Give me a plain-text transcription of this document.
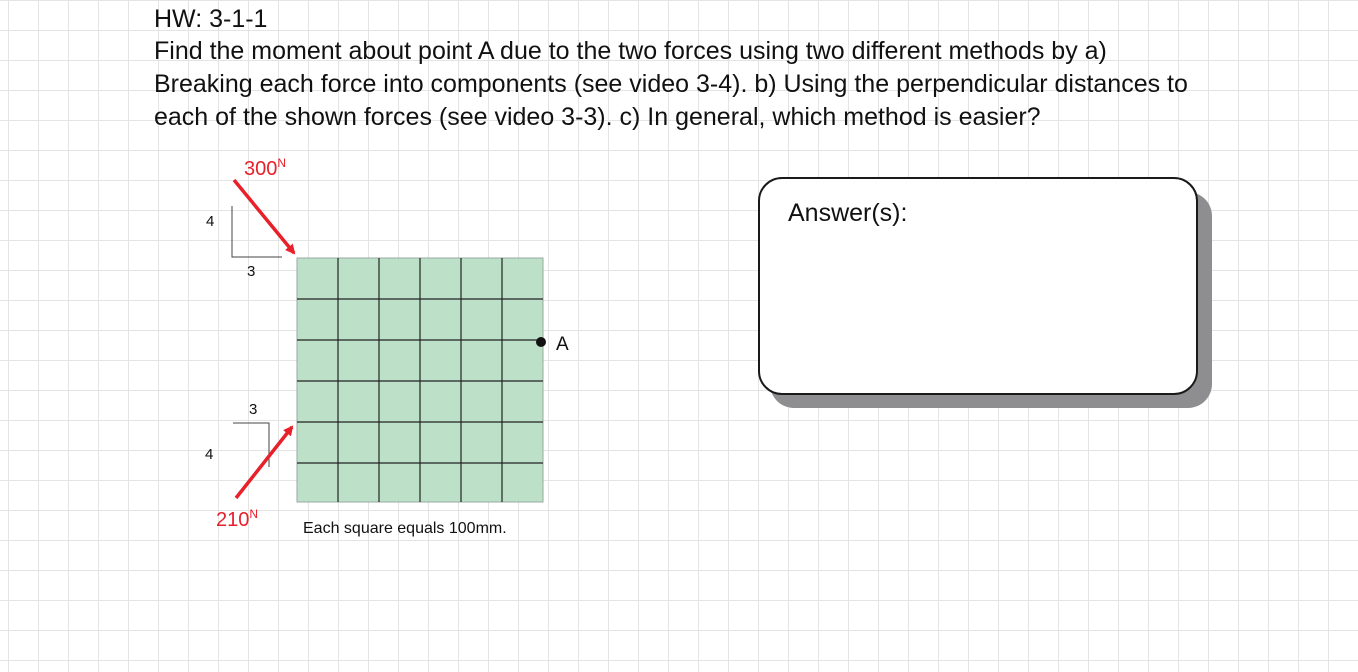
HW: 3-1-1
Find the moment about point A due to the two forces using two different methods by a)
Breaking each force into components (see video 3-4). b) Using the perpendicular distances to
each of the shown forces (see video 3-3). c) In general, which method is easier?
A
4
3
$300^N$
3
4
$210^N$
Each square equals 100mm.
Answer(s):
